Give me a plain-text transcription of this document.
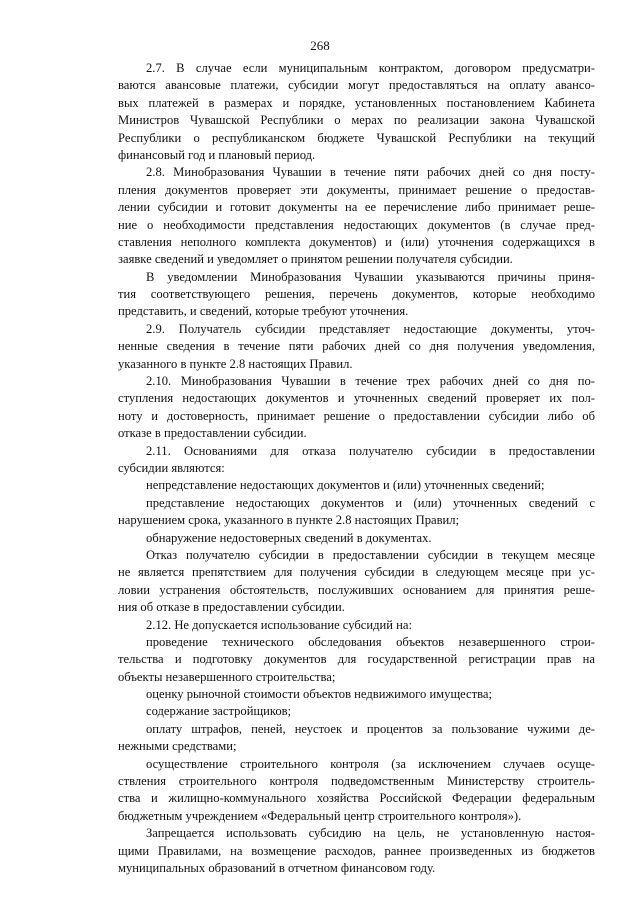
268
2.7. В случае если муниципальным контрактом, договором предусматри-
ваются авансовые платежи, субсидии могут предоставляться на оплату авансо-
вых платежей в размерах и порядке, установленных постановлением Кабинета
Министров Чувашской Республики о мерах по реализации закона Чувашской
Республики о республиканском бюджете Чувашской Республики на текущий
финансовый год и плановый период.
2.8. Минобразования Чувашии в течение пяти рабочих дней со дня посту-
пления документов проверяет эти документы, принимает решение о предостав-
лении субсидии и готовит документы на ее перечисление либо принимает реше-
ние о необходимости представления недостающих документов (в случае пред-
ставления неполного комплекта документов) и (или) уточнения содержащихся в
заявке сведений и уведомляет о принятом решении получателя субсидии.
В уведомлении Минобразования Чувашии указываются причины приня-
тия соответствующего решения, перечень документов, которые необходимо
представить, и сведений, которые требуют уточнения.
2.9. Получатель субсидии представляет недостающие документы, уточ-
ненные сведения в течение пяти рабочих дней со дня получения уведомления,
указанного в пункте 2.8 настоящих Правил.
2.10. Минобразования Чувашии в течение трех рабочих дней со дня по-
ступления недостающих документов и уточненных сведений проверяет их пол-
ноту и достоверность, принимает решение о предоставлении субсидии либо об
отказе в предоставлении субсидии.
2.11. Основаниями для отказа получателю субсидии в предоставлении
субсидии являются:
непредставление недостающих документов и (или) уточненных сведений;
представление недостающих документов и (или) уточненных сведений с
нарушением срока, указанного в пункте 2.8 настоящих Правил;
обнаружение недостоверных сведений в документах.
Отказ получателю субсидии в предоставлении субсидии в текущем месяце
не является препятствием для получения субсидии в следующем месяце при ус-
ловии устранения обстоятельств, послуживших основанием для принятия реше-
ния об отказе в предоставлении субсидии.
2.12. Не допускается использование субсидий на:
проведение технического обследования объектов незавершенного строи-
тельства и подготовку документов для государственной регистрации прав на
объекты незавершенного строительства;
оценку рыночной стоимости объектов недвижимого имущества;
содержание застройщиков;
оплату штрафов, пеней, неустоек и процентов за пользование чужими де-
нежными средствами;
осуществление строительного контроля (за исключением случаев осуще-
ствления строительного контроля подведомственным Министерству строитель-
ства и жилищно-коммунального хозяйства Российской Федерации федеральным
бюджетным учреждением «Федеральный центр строительного контроля»).
Запрещается использовать субсидию на цель, не установленную настоя-
щими Правилами, на возмещение расходов, раннее произведенных из бюджетов
муниципальных образований в отчетном финансовом году.
